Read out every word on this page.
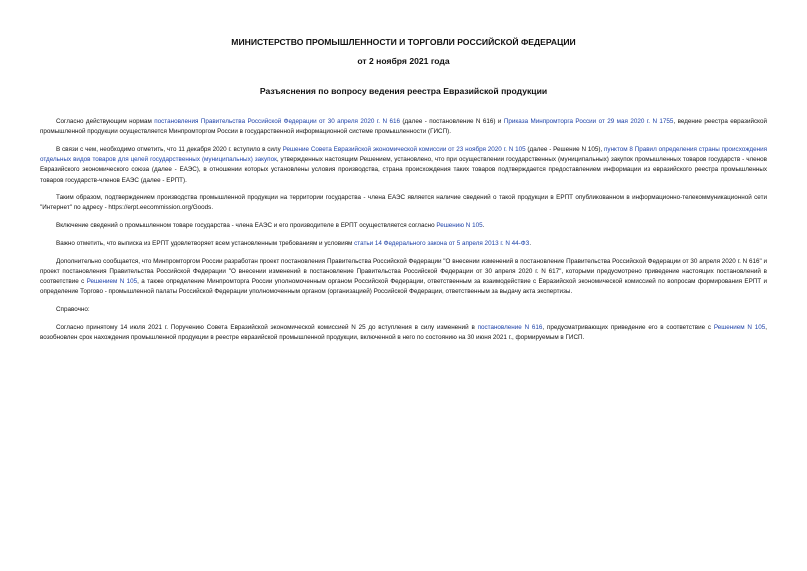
МИНИСТЕРСТВО ПРОМЫШЛЕННОСТИ И ТОРГОВЛИ РОССИЙСКОЙ ФЕДЕРАЦИИ
от 2 ноября 2021 года
Разъяснения по вопросу ведения реестра Евразийской продукции

Согласно действующим нормам постановления Правительства Российской Федерации от 30 апреля 2020 г. N 616 (далее - постановление N 616) и Приказа Минпромторга России от 29 мая 2020 г. N 1755, ведение реестра евразийской промышленной продукции осуществляется Минпромторгом России в государственной информационной системе промышленности (ГИСП).

В связи с чем, необходимо отметить, что 11 декабря 2020 г. вступило в силу Решение Совета Евразийской экономической комиссии от 23 ноября 2020 г. N 105 (далее - Решение N 105), пунктом 8 Правил определения страны происхождения отдельных видов товаров для целей государственных (муниципальных) закупок, утвержденных настоящим Решением, установлено, что при осуществлении государственных (муниципальных) закупок промышленных товаров государств - членов Евразийского экономического союза (далее - ЕАЭС), в отношении которых установлены условия производства, страна происхождения таких товаров подтверждается предоставлением информации из евразийского реестра промышленных товаров государств-членов ЕАЭС (далее - ЕРПТ).

Таким образом, подтверждением производства промышленной продукции на территории государства - члена ЕАЭС является наличие сведений о такой продукции в ЕРПТ опубликованном в информационно-телекоммуникационной сети "Интернет" по адресу - https://erpt.eecommission.org/Goods.

Включение сведений о промышленном товаре государства - члена ЕАЭС и его производителе в ЕРПТ осуществляется согласно Решению N 105.

Важно отметить, что выписка из ЕРПТ удовлетворяет всем установленным требованиям и условиям статьи 14 Федерального закона от 5 апреля 2013 г. N 44-ФЗ.

Дополнительно сообщается, что Минпромторгом России разработан проект постановления Правительства Российской Федерации "О внесении изменений в постановление Правительства Российской Федерации от 30 апреля 2020 г. N 616" и проект постановления Правительства Российской Федерации "О внесении изменений в постановление Правительства Российской Федерации от 30 апреля 2020 г. N 617", которыми предусмотрено приведение настоящих постановлений в соответствие с Решением N 105, а также определение Минпромторга России уполномоченным органом Российской Федерации, ответственным за взаимодействие с Евразийской экономической комиссией по вопросам формирования ЕРПТ и определение Торгово - промышленной палаты Российской Федерации уполномоченным органом (организацией) Российской Федерации, ответственным за выдачу акта экспертизы.

Справочно:

Согласно принятому 14 июля 2021 г. Поручению Совета Евразийской экономической комиссией N 25 до вступления в силу изменений в постановление N 616, предусматривающих приведение его в соответствие с Решением N 105, возобновлен срок нахождения промышленной продукции в реестре евразийской промышленной продукции, включенной в него по состоянию на 30 июня 2021 г., формируемым в ГИСП.
